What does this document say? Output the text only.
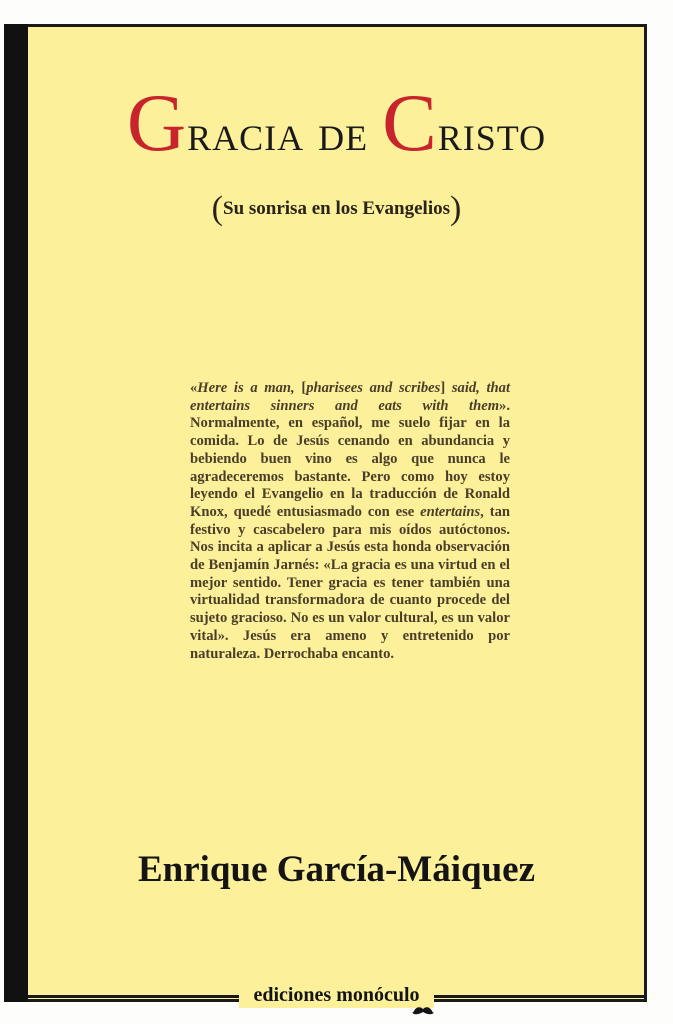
Gracia de Cristo
(Su sonrisa en los Evangelios)

«Here is a man, [pharisees and scribes] said, that entertains sinners and eats with them». Normalmente, en español, me suelo fijar en la comida. Lo de Jesús cenando en abundancia y bebiendo buen vino es algo que nunca le agradeceremos bastante. Pero como hoy estoy leyendo el Evangelio en la traducción de Ronald Knox, quedé entusiasmado con ese entertains, tan festivo y cascabelero para mis oídos autóctonos. Nos incita a aplicar a Jesús esta honda observación de Benjamín Jarnés: «La gracia es una virtud en el mejor sentido. Tener gracia es tener también una virtualidad transformadora de cuanto procede del sujeto gracioso. No es un valor cultural, es un valor vital». Jesús era ameno y entretenido por naturaleza. Derrochaba encanto.

Enrique García-Máiquez
ediciones monóculo
